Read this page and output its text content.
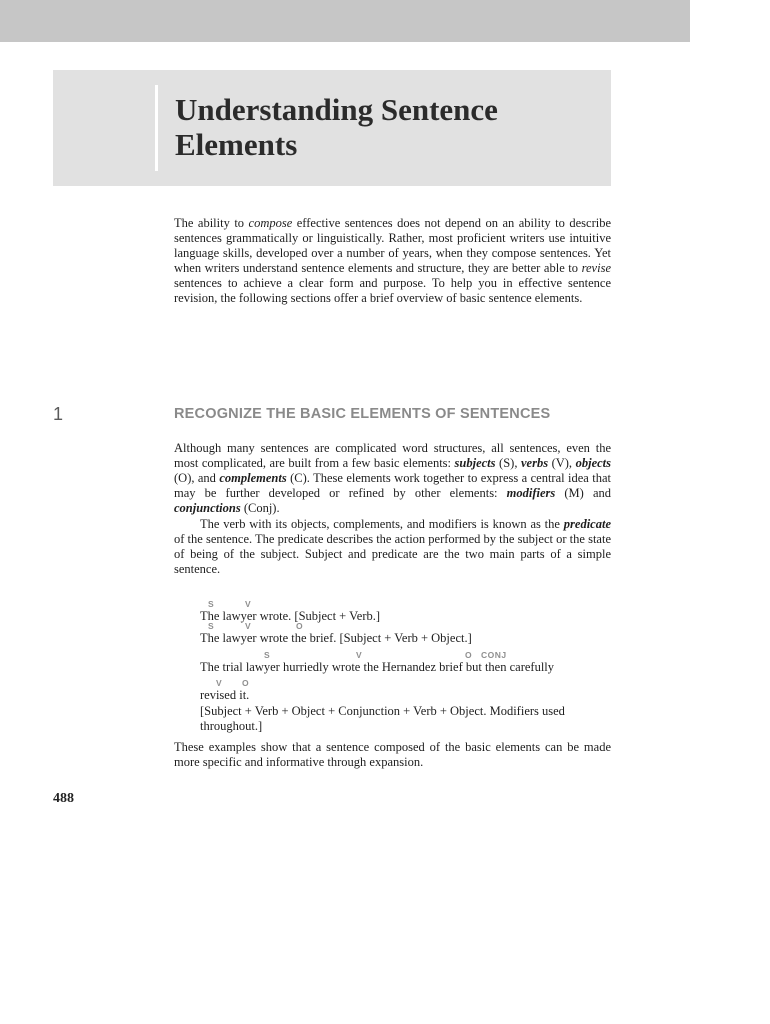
Understanding Sentence
Elements

The ability to compose effective sentences does not depend on an ability to describe sentences grammatically or linguistically. Rather, most proficient writers use intuitive language skills, developed over a number of years, when they compose sentences. Yet when writers understand sentence elements and structure, they are better able to revise sentences to achieve a clear form and purpose. To help you in effective sentence revision, the following sections offer a brief overview of basic sentence elements.

1	RECOGNIZE THE BASIC ELEMENTS OF SENTENCES

Although many sentences are complicated word structures, all sentences, even the most complicated, are built from a few basic elements: subjects (S), verbs (V), objects (O), and complements (C). These elements work together to express a central idea that may be further developed or refined by other elements: modifiers (M) and conjunctions (Conj).

The verb with its objects, complements, and modifiers is known as the predicate of the sentence. The predicate describes the action performed by the subject or the state of being of the subject. Subject and predicate are the two main parts of a simple sentence.

S	V

The lawyer wrote. [Subject + Verb.]

S	V	O

The lawyer wrote the brief. [Subject + Verb + Object.]

S	V	O CONJ

The trial lawyer hurriedly wrote the Hernandez brief but then carefully

V O

revised it.

[Subject + Verb + Object + Conjunction + Verb + Object. Modifiers used

throughout.]

These examples show that a sentence composed of the basic elements can be made more specific and informative through expansion.

488
